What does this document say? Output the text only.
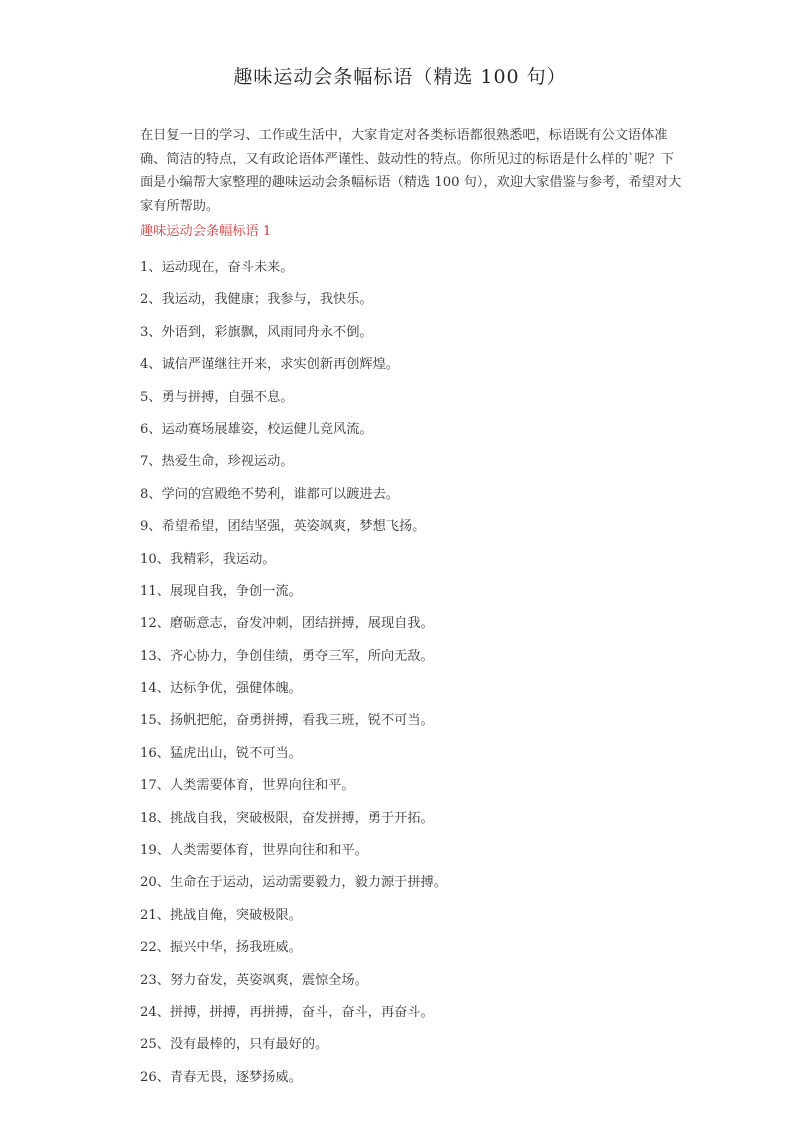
趣味运动会条幅标语（精选 100 句）
在日复一日的学习、工作或生活中，大家肯定对各类标语都很熟悉吧，标语既有公文语体准确、简洁的特点，又有政论语体严谨性、鼓动性的特点。你所见过的标语是什么样的`呢？下面是小编帮大家整理的趣味运动会条幅标语（精选 100 句），欢迎大家借鉴与参考，希望对大家有所帮助。
趣味运动会条幅标语 1
1、运动现在，奋斗未来。
2、我运动，我健康；我参与，我快乐。
3、外语到，彩旗飘，风雨同舟永不倒。
4、诚信严谨继往开来，求实创新再创辉煌。
5、勇与拼搏，自强不息。
6、运动赛场展雄姿，校运健儿竞风流。
7、热爱生命，珍视运动。
8、学问的宫殿绝不势利，谁都可以踱进去。
9、希望希望，团结坚强，英姿飒爽，梦想飞扬。
10、我精彩，我运动。
11、展现自我，争创一流。
12、磨砺意志，奋发冲刺，团结拼搏，展现自我。
13、齐心协力，争创佳绩，勇夺三军，所向无敌。
14、达标争优，强健体魄。
15、扬帆把舵，奋勇拼搏，看我三班，锐不可当。
16、猛虎出山，锐不可当。
17、人类需要体育，世界向往和平。
18、挑战自我，突破极限，奋发拼搏，勇于开拓。
19、人类需要体育，世界向往和和平。
20、生命在于运动，运动需要毅力，毅力源于拼搏。
21、挑战自俺，突破极限。
22、振兴中华，扬我班威。
23、努力奋发，英姿飒爽，震惊全场。
24、拼搏，拼搏，再拼搏，奋斗，奋斗，再奋斗。
25、没有最棒的，只有最好的。
26、青春无畏，逐梦扬威。
